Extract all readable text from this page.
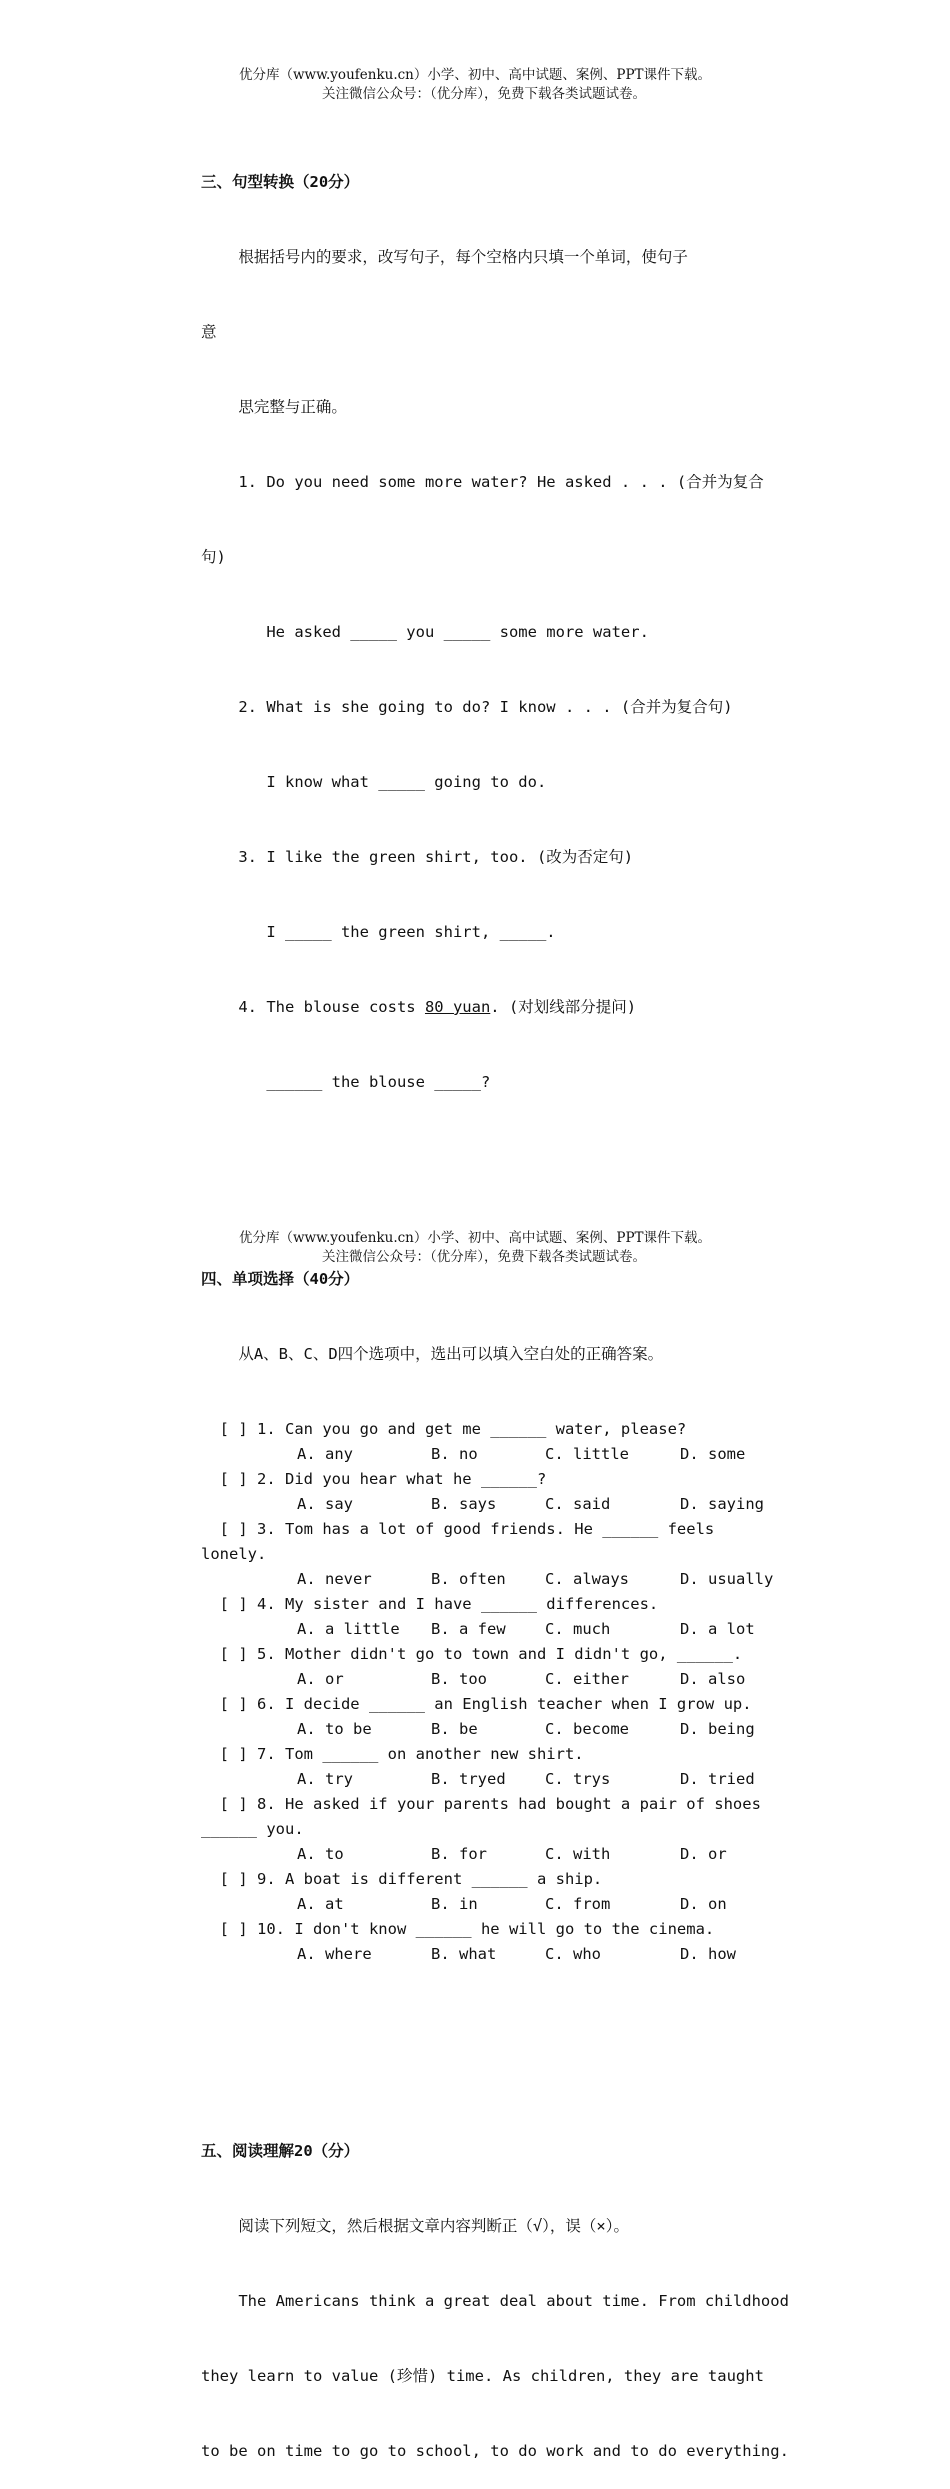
优分库（www.youfenku.cn）小学、初中、高中试题、案例、PPT课件下载。
关注微信公众号：（优分库），免费下载各类试题试卷。

三、句型转换（20分）

根据括号内的要求，改写句子，每个空格内只填一个单词，使句子

意

思完整与正确。

1. Do you need some more water? He asked . . . (合并为复合

句)

He asked _____ you _____ some more water.

2. What is she going to do? I know . . . (合并为复合句)

I know what _____ going to do.

3. I like the green shirt, too. (改为否定句)

I _____ the green shirt, _____.

4. The blouse costs 80 yuan. (对划线部分提问)

______ the blouse _____?

四、单项选择（40分）

从A、B、C、D四个选项中，选出可以填入空白处的正确答案。

[ ] 1. Can you go and get me ______ water, please?
A. any	B. no	C. little	D. some
[ ] 2. Did you hear what he ______?
A. say	B. says	C. said	D. saying
[ ] 3. Tom has a lot of good friends. He ______ feels
lonely.
A. never	B. often	C. always	D. usually
[ ] 4. My sister and I have ______ differences.
A. a little B. a few	C. much	D. a lot
[ ] 5. Mother didn't go to town and I didn't go, ______.
A. or	B. too	C. either	D. also
[ ] 6. I decide ______ an English teacher when I grow up.
A. to be	B. be	C. become	D. being
[ ] 7. Tom ______ on another new shirt.
A. try	B. tryed	C. trys	D. tried
[ ] 8. He asked if your parents had bought a pair of shoes
______ you.
A. to	B. for	C. with	D. or
[ ] 9. A boat is different ______ a ship.
A. at	B. in	C. from	D. on
[ ] 10. I don't know ______ he will go to the cinema.
A. where	B. what	C. who	D. how

五、阅读理解20（分）

阅读下列短文，然后根据文章内容判断正（√），误（×）。

The Americans think a great deal about time. From childhood

they learn to value (珍惜) time. As children, they are taught

to be on time to go to school, to do work and to do everything.

优分库（www.youfenku.cn）小学、初中、高中试题、案例、PPT课件下载。
关注微信公众号：（优分库），免费下载各类试题试卷。
